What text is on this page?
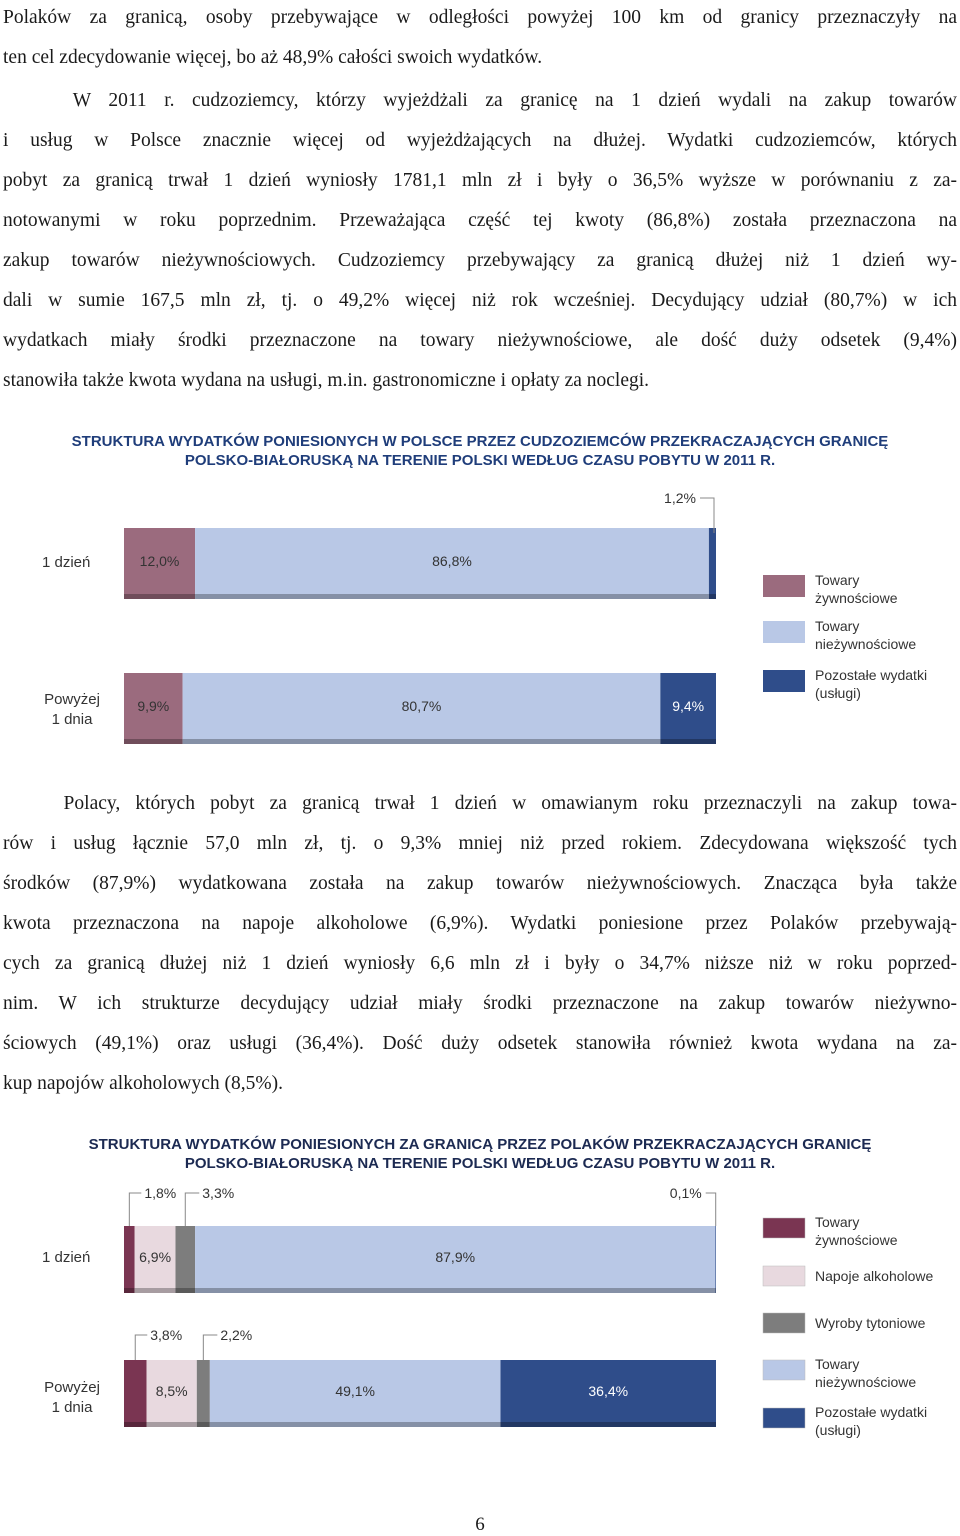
Polaków za granicą, osoby przebywające w odległości powyżej 100 km od granicy przeznaczyły na
ten cel zdecydowanie więcej, bo aż 48,9% całości swoich wydatków.
W 2011 r. cudzoziemcy, którzy wyjeżdżali za granicę na 1 dzień wydali na zakup towarów
i usług w Polsce znacznie więcej od wyjeżdżających na dłużej. Wydatki cudzoziemców, których
pobyt za granicą trwał 1 dzień wyniosły 1781,1 mln zł i były o 36,5% wyższe w porównaniu z za-
notowanymi w roku poprzednim. Przeważająca część tej kwoty (86,8%) została przeznaczona na
zakup towarów nieżywnościowych. Cudzoziemcy przebywający za granicą dłużej niż 1 dzień wy-
dali w sumie 167,5 mln zł, tj. o 49,2% więcej niż rok wcześniej. Decydujący udział (80,7%) w ich
wydatkach miały środki przeznaczone na towary nieżywnościowe, ale dość duży odsetek (9,4%)
stanowiła także kwota wydana na usługi, m.in. gastronomiczne i opłaty za noclegi.
STRUKTURA WYDATKÓW PONIESIONYCH W POLSCE PRZEZ CUDZOZIEMCÓW PRZEKRACZAJĄCYCH GRANICĘ
POLSKO-BIAŁORUSKĄ NA TERENIE POLSKI WEDŁUG CZASU POBYTU W 2011 R.
1 dzień
Powyżej
1 dnia
12,0%	86,8%
9,9%	80,7%	9,4%
1,2%
Towary
żywnościowe
Towary
nieżywnościowe
Pozostałe wydatki
(usługi)
Polacy, których pobyt za granicą trwał 1 dzień w omawianym roku przeznaczyli na zakup towa-
rów i usług łącznie 57,0 mln zł, tj. o 9,3% mniej niż przed rokiem. Zdecydowana większość tych
środków (87,9%) wydatkowana została na zakup towarów nieżywnościowych. Znacząca była także
kwota przeznaczona na napoje alkoholowe (6,9%). Wydatki poniesione przez Polaków przebywają-
cych za granicą dłużej niż 1 dzień wyniosły 6,6 mln zł i były o 34,7% niższe niż w roku poprzed-
nim. W ich strukturze decydujący udział miały środki przeznaczone na zakup towarów nieżywno-
ściowych (49,1%) oraz usługi (36,4%). Dość duży odsetek stanowiła również kwota wydana na za-
kup napojów alkoholowych (8,5%).
STRUKTURA WYDATKÓW PONIESIONYCH ZA GRANICĄ PRZEZ POLAKÓW PRZEKRACZAJĄCYCH GRANICĘ
POLSKO-BIAŁORUSKĄ NA TERENIE POLSKI WEDŁUG CZASU POBYTU W 2011 R.
1 dzień
Powyżej
1 dnia
1,8% 3,3%	0,1%
3,8%	2,2%
6,9%	87,9%
8,5%	49,1%	36,4%
Towary
żywnościowe
Napoje alkoholowe
Wyroby tytoniowe
Towary
nieżywnościowe
Pozostałe wydatki
(usługi)
6
